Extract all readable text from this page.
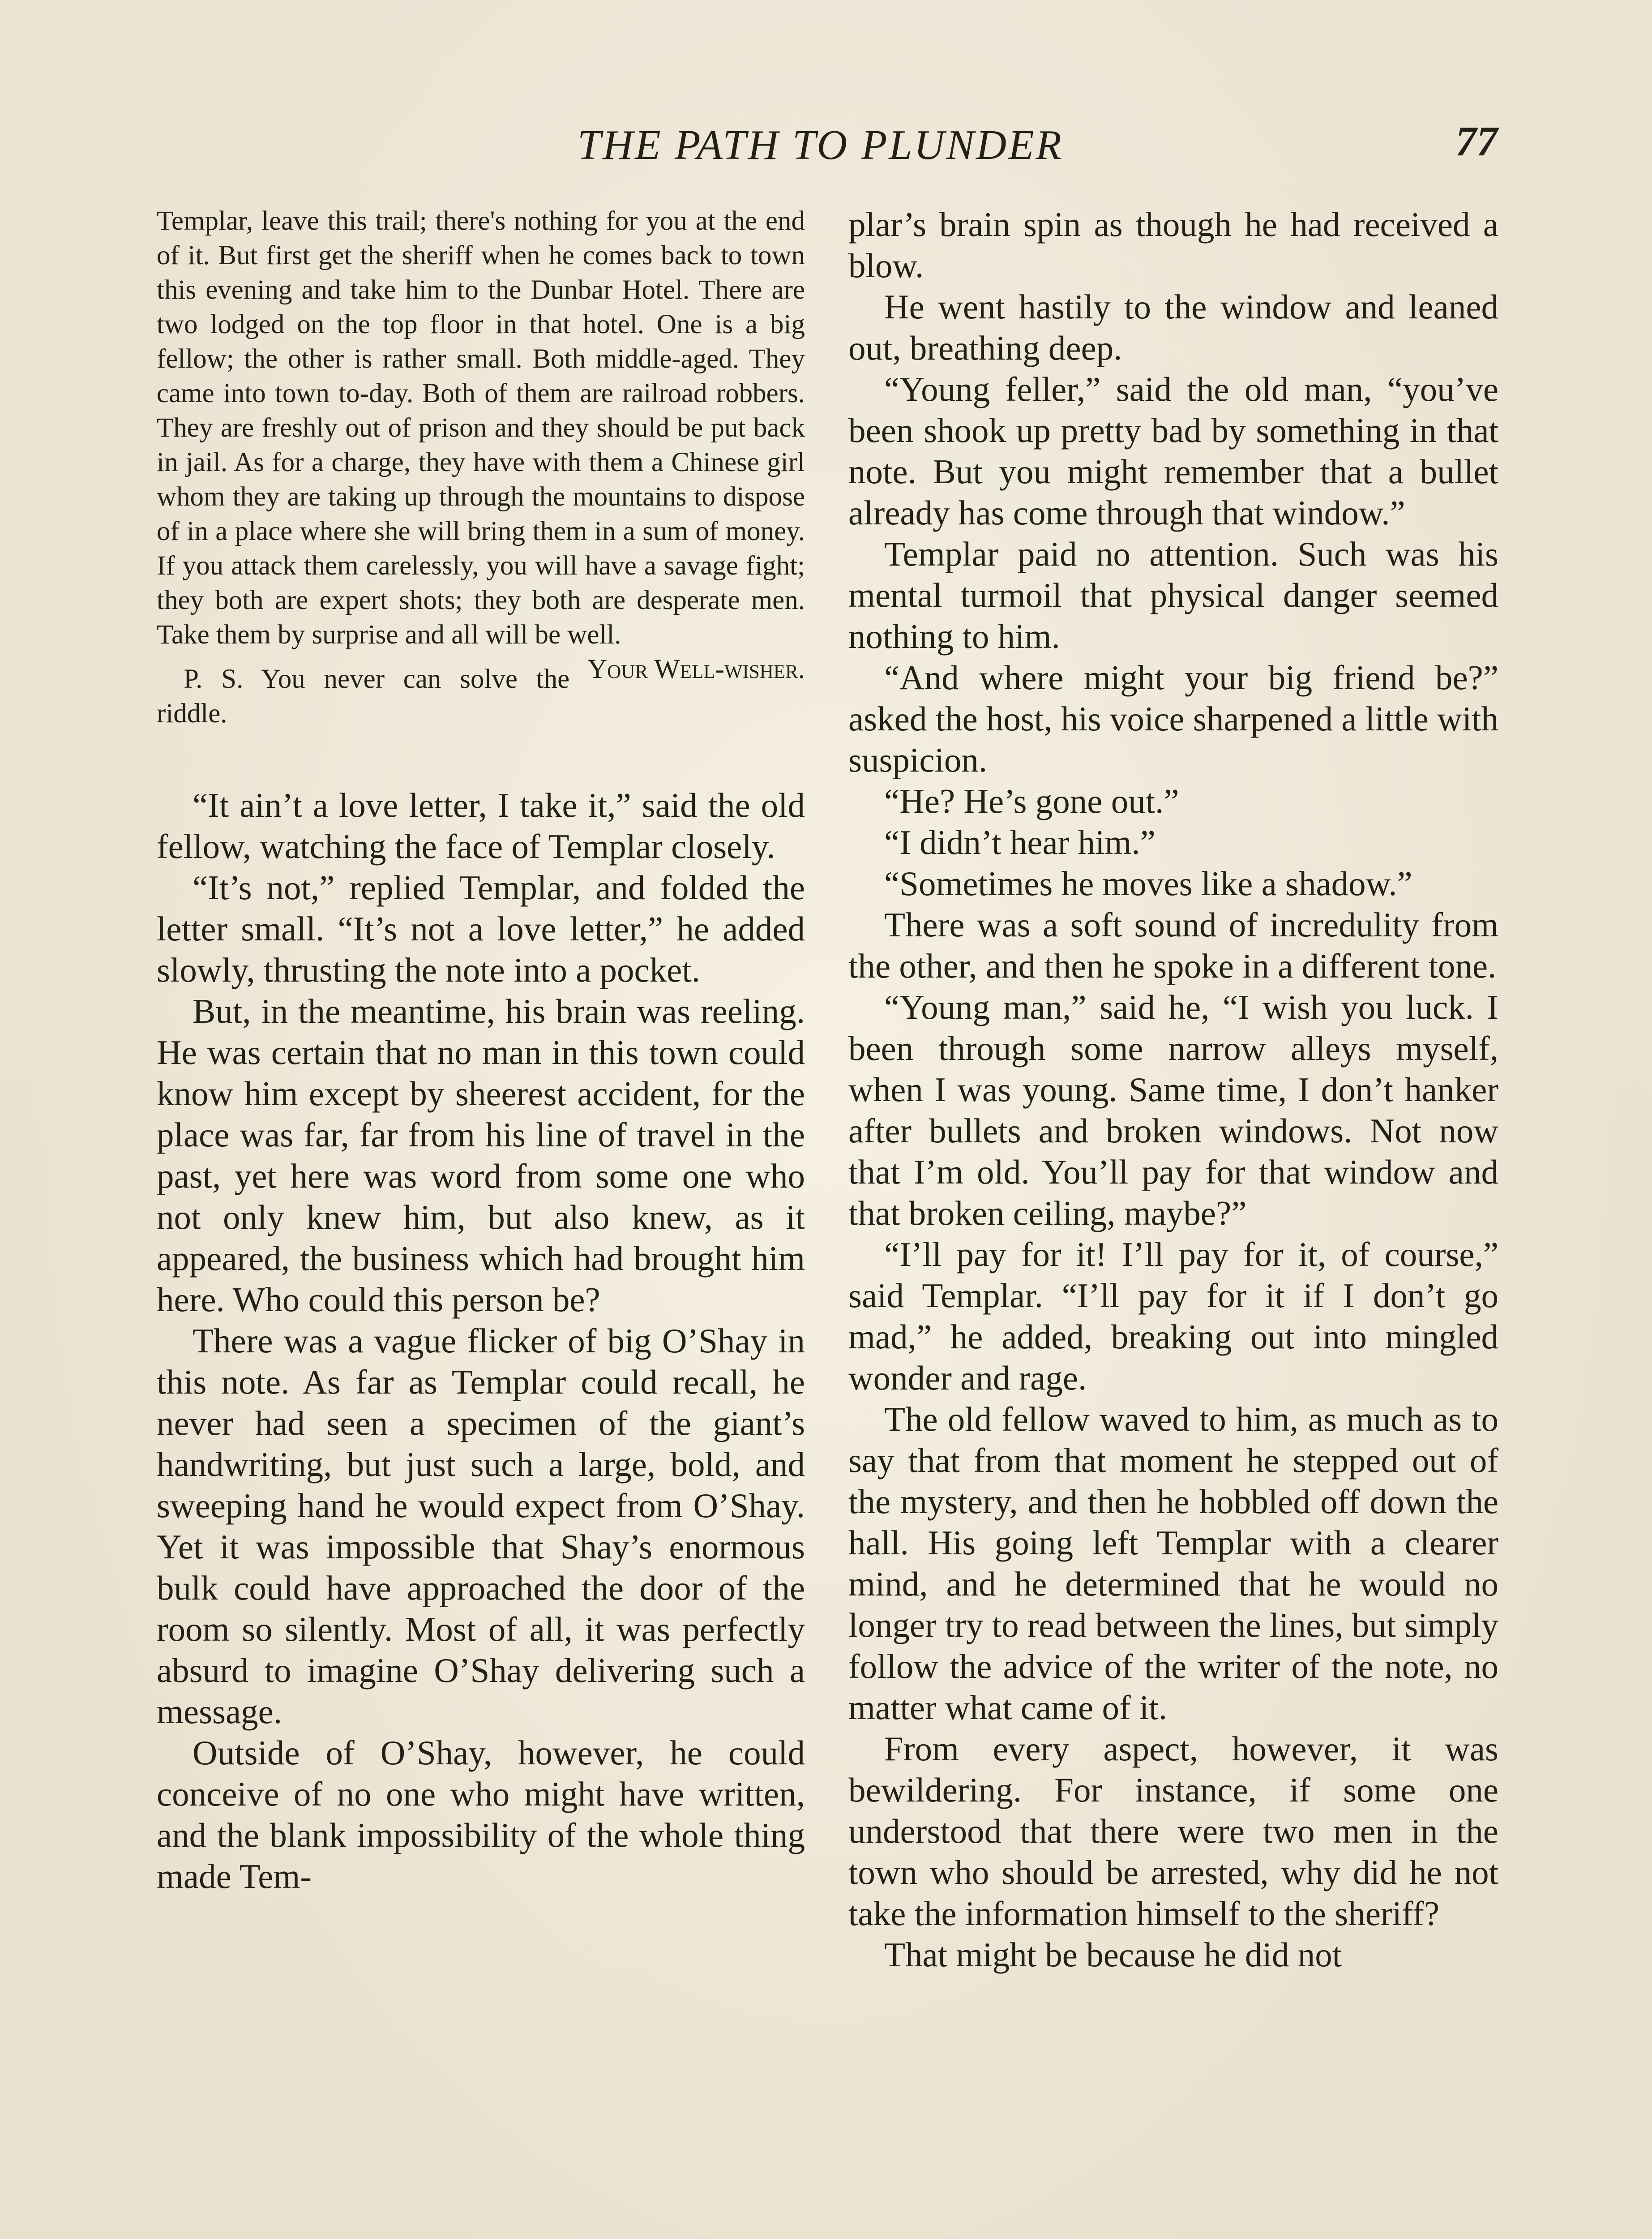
THE PATH TO PLUNDER	77

Templar, leave this trail; there's nothing for you at the end of it. But first get the sheriff when he comes back to town this evening and take him to the Dunbar Hotel. There are two lodged on the top floor in that hotel. One is a big fellow; the other is rather small. Both middle-aged. They came into town to-day. Both of them are railroad robbers. They are freshly out of prison and they should be put back in jail. As for a charge, they have with them a Chinese girl whom they are taking up through the mountains to dispose of in a place where she will bring them in a sum of money. If you attack them carelessly, you will have a savage fight; they both are expert shots; they both are desperate men. Take them by surprise and all will be well.
Your Well-wisher.

P. S. You never can solve the riddle.

“It ain’t a love letter, I take it,” said the old fellow, watching the face of Templar closely.

“It’s not,” replied Templar, and folded the letter small. “It’s not a love letter,” he added slowly, thrusting the note into a pocket.

But, in the meantime, his brain was reeling. He was certain that no man in this town could know him except by sheerest accident, for the place was far, far from his line of travel in the past, yet here was word from some one who not only knew him, but also knew, as it appeared, the business which had brought him here. Who could this person be?

There was a vague flicker of big O’Shay in this note. As far as Templar could recall, he never had seen a specimen of the giant’s handwriting, but just such a large, bold, and sweeping hand he would expect from O’Shay. Yet it was impossible that Shay’s enormous bulk could have approached the door of the room so silently. Most of all, it was perfectly absurd to imagine O’Shay delivering such a message.

Outside of O’Shay, however, he could conceive of no one who might have written, and the blank impossibility of the whole thing made Tem-

plar’s brain spin as though he had received a blow.

He went hastily to the window and leaned out, breathing deep.

“Young feller,” said the old man, “you’ve been shook up pretty bad by something in that note. But you might remember that a bullet already has come through that window.”

Templar paid no attention. Such was his mental turmoil that physical danger seemed nothing to him.

“And where might your big friend be?” asked the host, his voice sharpened a little with suspicion.

“He? He’s gone out.”

“I didn’t hear him.”

“Sometimes he moves like a shadow.”

There was a soft sound of incredulity from the other, and then he spoke in a different tone.

“Young man,” said he, “I wish you luck. I been through some narrow alleys myself, when I was young. Same time, I don’t hanker after bullets and broken windows. Not now that I’m old. You’ll pay for that window and that broken ceiling, maybe?”

“I’ll pay for it! I’ll pay for it, of course,” said Templar. “I’ll pay for it if I don’t go mad,” he added, breaking out into mingled wonder and rage.

The old fellow waved to him, as much as to say that from that moment he stepped out of the mystery, and then he hobbled off down the hall. His going left Templar with a clearer mind, and he determined that he would no longer try to read between the lines, but simply follow the advice of the writer of the note, no matter what came of it.

From every aspect, however, it was bewildering. For instance, if some one understood that there were two men in the town who should be arrested, why did he not take the information himself to the sheriff?

That might be because he did not
